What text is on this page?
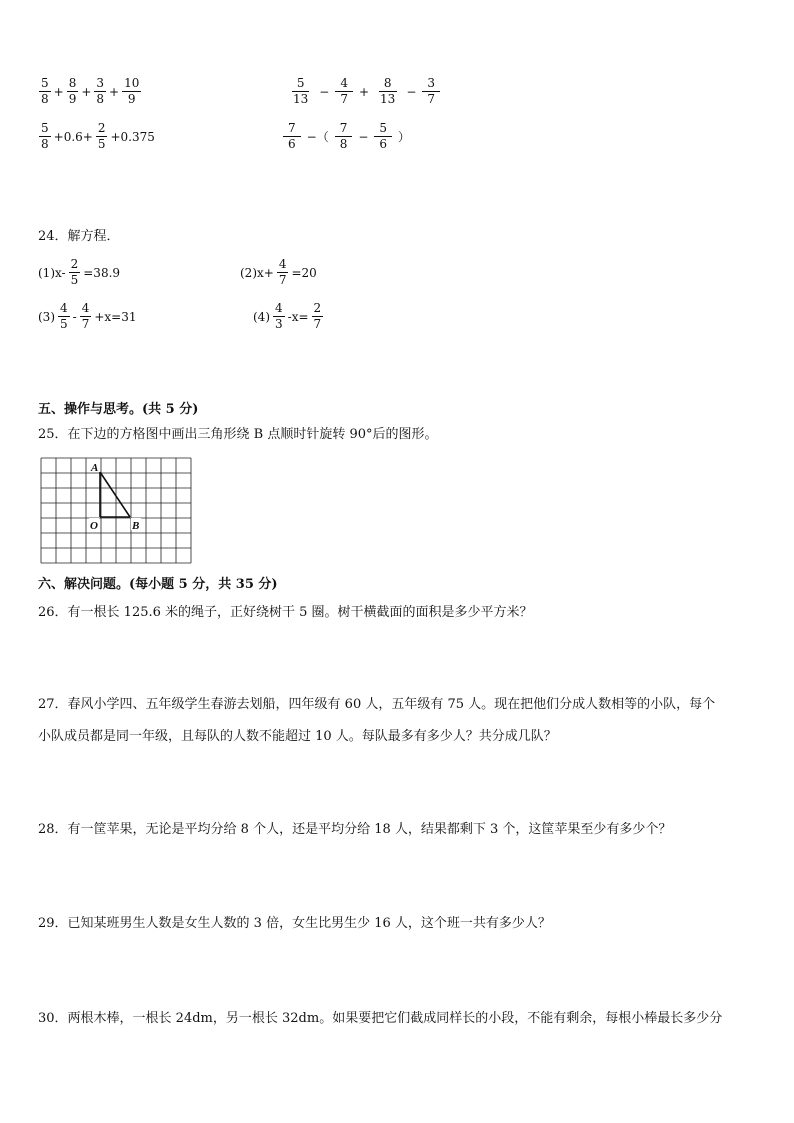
$\frac{5}{8} + \frac{8}{9} + \frac{3}{8} + \frac{10}{9}$	$\frac{5}{13} - \frac{4}{7} + \frac{8}{13} - \frac{3}{7}$
$\frac{5}{8} +0.6+ \frac{2}{5} +0.375$	$\frac{7}{6}$ −（ $\frac{7}{8} - \frac{5}{6}$ ）
24．解方程．
$(1)x- \frac{2}{5} =38.9$	$(2)x+ \frac{4}{7} =20$
$(3) \frac{4}{5} - \frac{4}{7} +x=31$	$(4) \frac{4}{3} -x= \frac{2}{7}$
五、操作与思考。(共 5 分)
25．在下边的方格图中画出三角形绕 B 点顺时针旋转 90°后的图形。
A
O	B
六、解决问题。(每小题 5 分，共 35 分)
26．有一根长 125.6 米的绳子，正好绕树干 5 圈。树干横截面的面积是多少平方米？
27．春风小学四、五年级学生春游去划船，四年级有 60 人，五年级有 75 人。现在把他们分成人数相等的小队，每个
小队成员都是同一年级，且每队的人数不能超过 10 人。每队最多有多少人？共分成几队？
28．有一筐苹果，无论是平均分给 8 个人，还是平均分给 18 人，结果都剩下 3 个，这筐苹果至少有多少个？
29．已知某班男生人数是女生人数的 3 倍，女生比男生少 16 人，这个班一共有多少人？
30．两根木棒，一根长 24dm，另一根长 32dm。如果要把它们截成同样长的小段，不能有剩余，每根小棒最长多少分
